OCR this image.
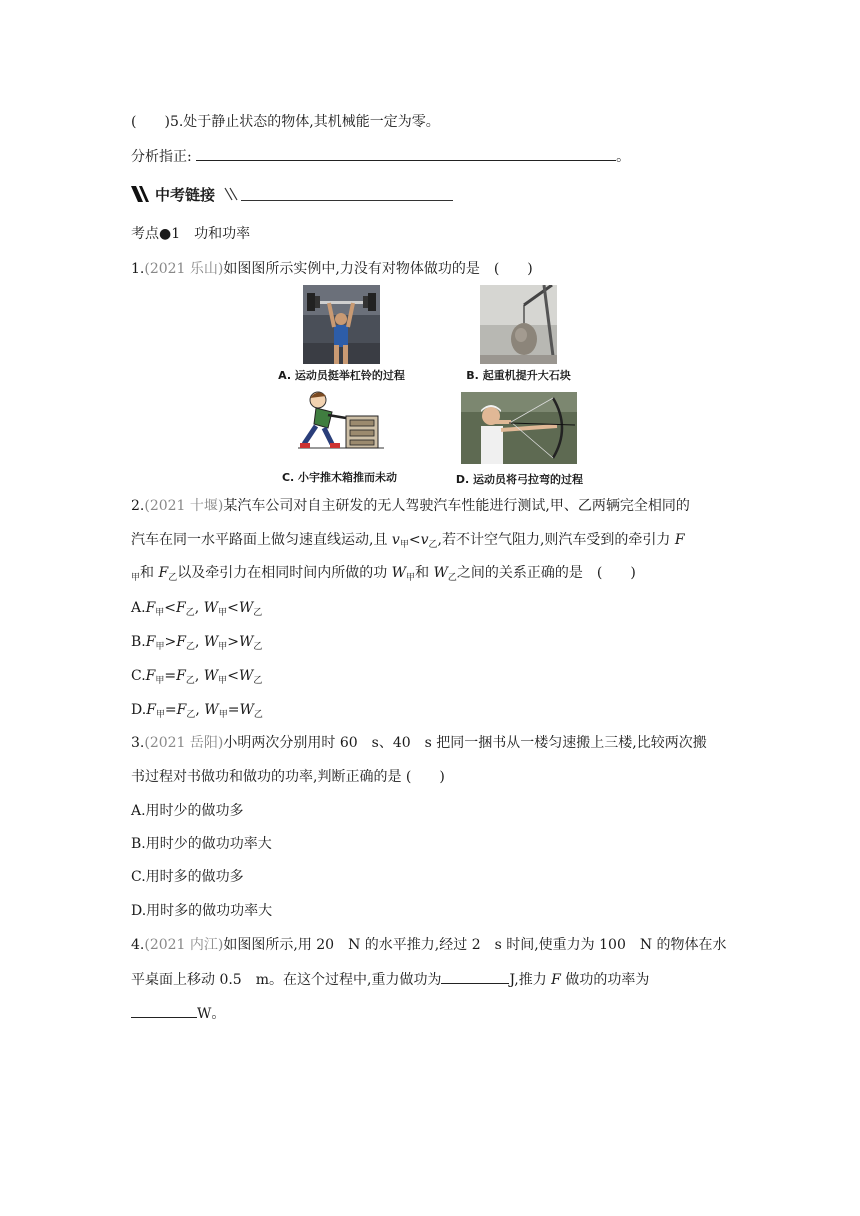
(　　)5.处于静止状态的物体,其机械能一定为零。
分析指正:	。
中考链接
考点●1　功和功率
1.(2021 乐山)如图图所示实例中,力没有对物体做功的是　(　　)
A. 运动员挺举杠铃的过程	B. 起重机提升大石块
C. 小宇推木箱推而未动	D. 运动员将弓拉弯的过程
2.(2021 十堰)某汽车公司对自主研发的无人驾驶汽车性能进行测试,甲、乙两辆完全相同的
汽车在同一水平路面上做匀速直线运动,且 $v_甲<v_乙$,若不计空气阻力,则汽车受到的牵引力 F
$_甲$和 $F_乙$以及牵引力在相同时间内所做的功 $W_甲$和 $W_乙$之间的关系正确的是　(　　)
$A.F_甲<F_乙$, $W_甲<W_乙$
$B.F_甲>F_乙$, $W_甲>W_乙$
$C.F_甲=F_乙$, $W_甲<W_乙$
$D.F_甲=F_乙$, $W_甲=W_乙$
3.(2021 岳阳)小明两次分别用时 60　s、40　s 把同一捆书从一楼匀速搬上三楼,比较两次搬
书过程对书做功和做功的功率,判断正确的是 (　　)
A.用时少的做功多
B.用时少的做功功率大
C.用时多的做功多
D.用时多的做功功率大
4.(2021 内江)如图图所示,用 20　N 的水平推力,经过 2　s 时间,使重力为 100　N 的物体在水
平桌面上移动 0.5　m。在这个过程中,重力做功为	J,推力 F 做功的功率为
W。
